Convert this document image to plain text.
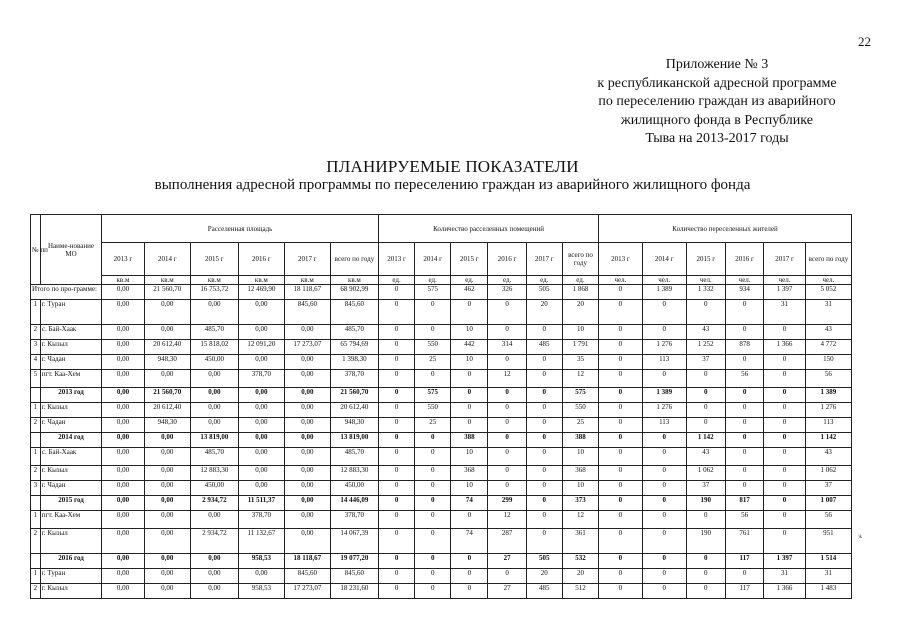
22
Приложение № 3
к республиканской адресной программе
по переселению граждан из аварийного
жилищного фонда в Республике
Тыва на 2013-2017 годы
ПЛАНИРУЕМЫЕ ПОКАЗАТЕЛИ
выполнения адресной программы по переселению граждан из аварийного жилищного фонда
№ пп	Наиме-нование МО	Расселенная площадь						Количество расселенных помещений						Количество переселенных жителей					
		2013 г	2014 г	2015 г	2016 г	2017 г	всего по году	2013 г	2014 г	2015 г	2016 г	2017 г	всего по году	2013 г	2014 г	2015 г	2016 г	2017 г	всего по году
		кв.м	кв.м	кв.м	кв.м	кв.м	кв.м	ед.	ед.	ед.	ед.	ед.	ед.	чел.	чел.	чел.	чел.	чел.	чел.
Итого по про-граммe:		0,00	21 560,70	16 753,72	12 469,90	18 118,67	68 902,99	0	575	462	326	505	1 868	0	1 389	1 332	934	1 397	5 052
1	г. Туран	0,00	0,00	0,00	0,00	845,60	845,60	0	0	0	0	20	20	0	0	0	0	31	31
2	с. Бай-Хаак	0,00	0,00	485,70	0,00	0,00	485,70	0	0	10	0	0	10	0	0	43	0	0	43
3	г. Кызыл	0,00	20 612,40	15 818,02	12 091,20	17 273,07	65 794,69	0	550	442	314	485	1 791	0	1 276	1 252	878	1 366	4 772
4	г. Чадан	0,00	948,30	450,00	0,00	0,00	1 398,30	0	25	10	0	0	35	0	113	37	0	0	150
5	пгт. Каа-Хем	0,00	0,00	0,00	378,70	0,00	378,70	0	0	0	12	0	12	0	0	0	56	0	56
	2013 год	0,00	21 560,70	0,00	0,00	0,00	21 560,70	0	575	0	0	0	575	0	1 389	0	0	0	1 389
1	г. Кызыл	0,00	20 612,40	0,00	0,00	0,00	20 612,40	0	550	0	0	0	550	0	1 276	0	0	0	1 276
2	г. Чадан	0,00	948,30	0,00	0,00	0,00	948,30	0	25	0	0	0	25	0	113	0	0	0	113
	2014 год	0,00	0,00	13 819,00	0,00	0,00	13 819,00	0	0	388	0	0	388	0	0	1 142	0	0	1 142
1	с. Бай-Хаак	0,00	0,00	485,70	0,00	0,00	485,70	0	0	10	0	0	10	0	0	43	0	0	43
2	г. Кызыл	0,00	0,00	12 883,30	0,00	0,00	12 883,30	0	0	368	0	0	368	0	0	1 062	0	0	1 062
3	г. Чадан	0,00	0,00	450,00	0,00	0,00	450,00	0	0	10	0	0	10	0	0	37	0	0	37
	2015 год	0,00	0,00	2 934,72	11 511,37	0,00	14 446,09	0	0	74	299	0	373	0	0	190	817	0	1 007
1	пгт. Каа-Хем	0,00	0,00	0,00	378,70	0,00	378,70	0	0	0	12	0	12	0	0	0	56	0	56
2	г. Кызыл	0,00	0,00	2 934,72	11 132,67	0,00	14 067,39	0	0	74	287	0	361	0	0	190	761	0	951
	2016 год	0,00	0,00	0,00	958,53	18 118,67	19 077,20	0	0	0	27	505	532	0	0	0	117	1 397	1 514
1	г. Туран	0,00	0,00	0,00	0,00	845,60	845,60	0	0	0	0	20	20	0	0	0	0	31	31
2	г. Кызыл	0,00	0,00	0,00	958,53	17 273,07	18 231,60	0	0	0	27	485	512	0	0	0	117	1 366	1 483
)k
